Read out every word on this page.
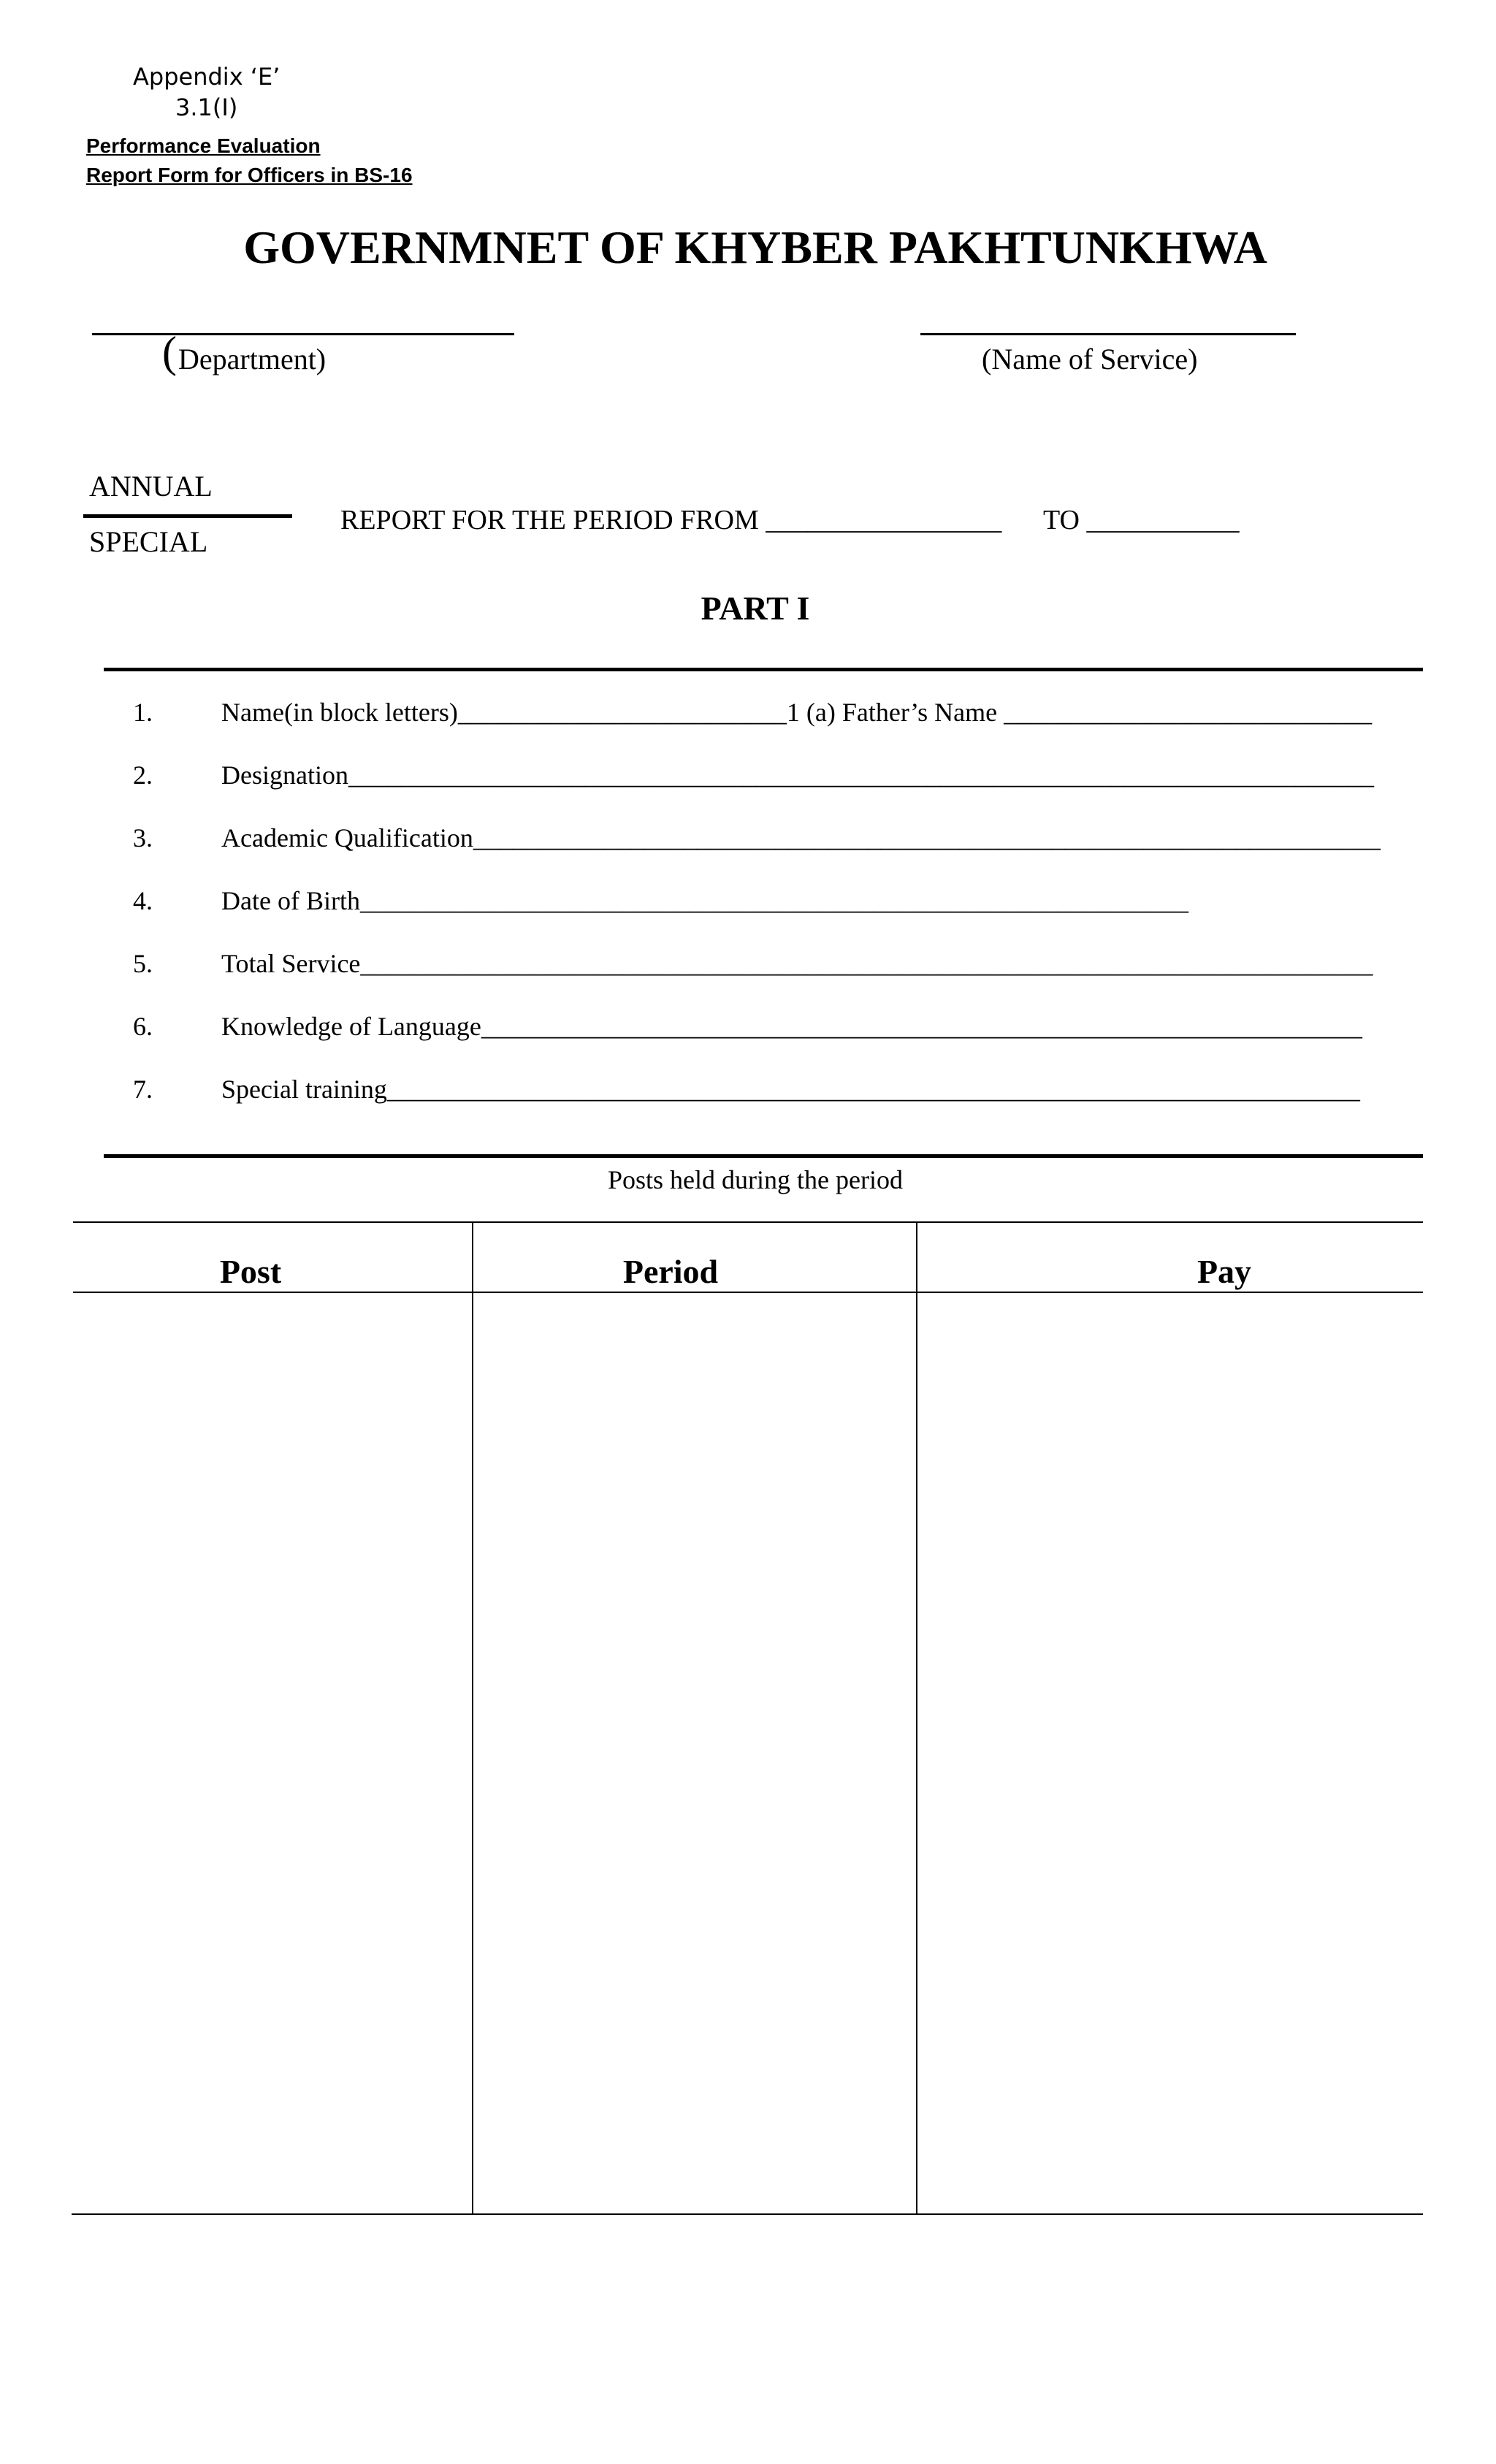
Appendix ‘E’
3.1(I)
Performance Evaluation
Report Form for Officers in BS-16
GOVERNMNET OF KHYBER PAKHTUNKHWA
( Department)	(Name of Service)
ANNUAL
SPECIAL
REPORT FOR THE PERIOD FROM _________________ TO ___________
PART I
1.	Name(in block letters)_________________________1 (a) Father’s Name ____________________________
2.	Designation______________________________________________________________________________
3.	Academic Qualification_____________________________________________________________________
4.	Date of Birth_______________________________________________________________
5.	Total Service_____________________________________________________________________________
6.	Knowledge of Language___________________________________________________________________
7.	Special training__________________________________________________________________________
Posts held during the period
Post	Period	Pay
